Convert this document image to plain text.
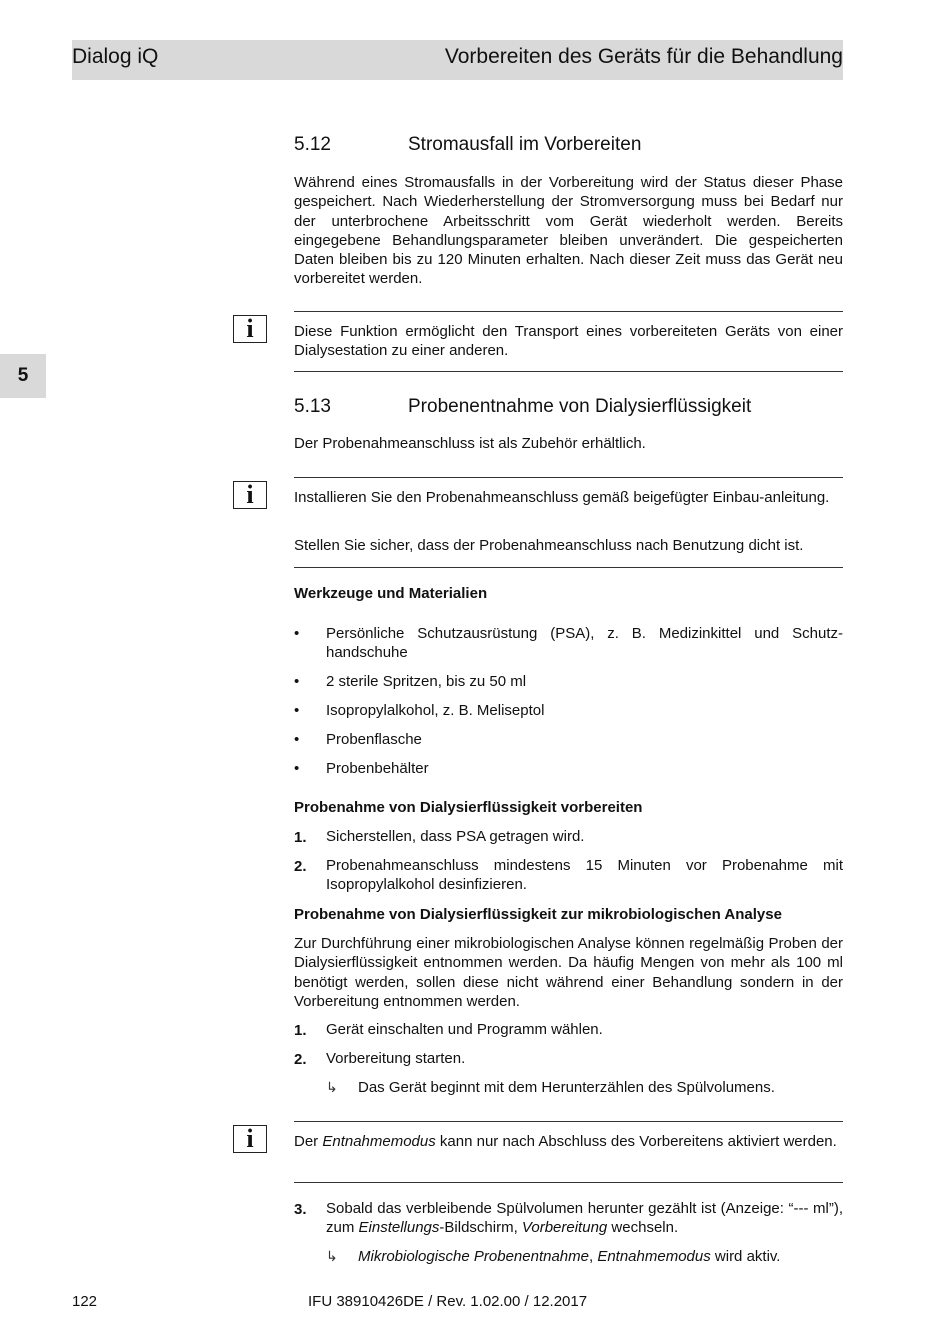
Dialog iQ	Vorbereiten des Geräts für die Behandlung
5
5.12	Stromausfall im Vorbereiten

Während eines Stromausfalls in der Vorbereitung wird der Status dieser Phase gespeichert. Nach Wiederherstellung der Stromversorgung muss bei Bedarf nur der unterbrochene Arbeitsschritt vom Gerät wiederholt werden. Bereits eingegebene Behandlungsparameter bleiben unverändert. Die gespeicherten Daten bleiben bis zu 120 Minuten erhalten. Nach dieser Zeit muss das Gerät neu vorbereitet werden.

i	Diese Funktion ermöglicht den Transport eines vorbereiteten Geräts von einer Dialysestation zu einer anderen.

5.13	Probenentnahme von Dialysierflüssigkeit

Der Probenahmeanschluss ist als Zubehör erhältlich.

i	Installieren Sie den Probenahmeanschluss gemäß beigefügter Einbau-anleitung.

Stellen Sie sicher, dass der Probenahmeanschluss nach Benutzung dicht ist.

Werkzeuge und Materialien
• Persönliche Schutzausrüstung (PSA), z. B. Medizinkittel und Schutz-handschuhe
• 2 sterile Spritzen, bis zu 50 ml
• Isopropylalkohol, z. B. Meliseptol
• Probenflasche
• Probenbehälter
Probenahme von Dialysierflüssigkeit vorbereiten
1. Sicherstellen, dass PSA getragen wird.
2. Probenahmeanschluss mindestens 15 Minuten vor Probenahme mit Isopropylalkohol desinfizieren.
Probenahme von Dialysierflüssigkeit zur mikrobiologischen Analyse

Zur Durchführung einer mikrobiologischen Analyse können regelmäßig Proben der Dialysierflüssigkeit entnommen werden. Da häufig Mengen von mehr als 100 ml benötigt werden, sollen diese nicht während einer Behandlung sondern in der Vorbereitung entnommen werden.

1. Gerät einschalten und Programm wählen.
2. Vorbereitung starten.
↳ Das Gerät beginnt mit dem Herunterzählen des Spülvolumens.
i	Der Entnahmemodus kann nur nach Abschluss des Vorbereitens aktiviert werden.

3. Sobald das verbleibende Spülvolumen herunter gezählt ist (Anzeige: “--- ml”), zum Einstellungs-Bildschirm, Vorbereitung wechseln.
↳ Mikrobiologische Probenentnahme, Entnahmemodus wird aktiv.
122	IFU 38910426DE / Rev. 1.02.00 / 12.2017
